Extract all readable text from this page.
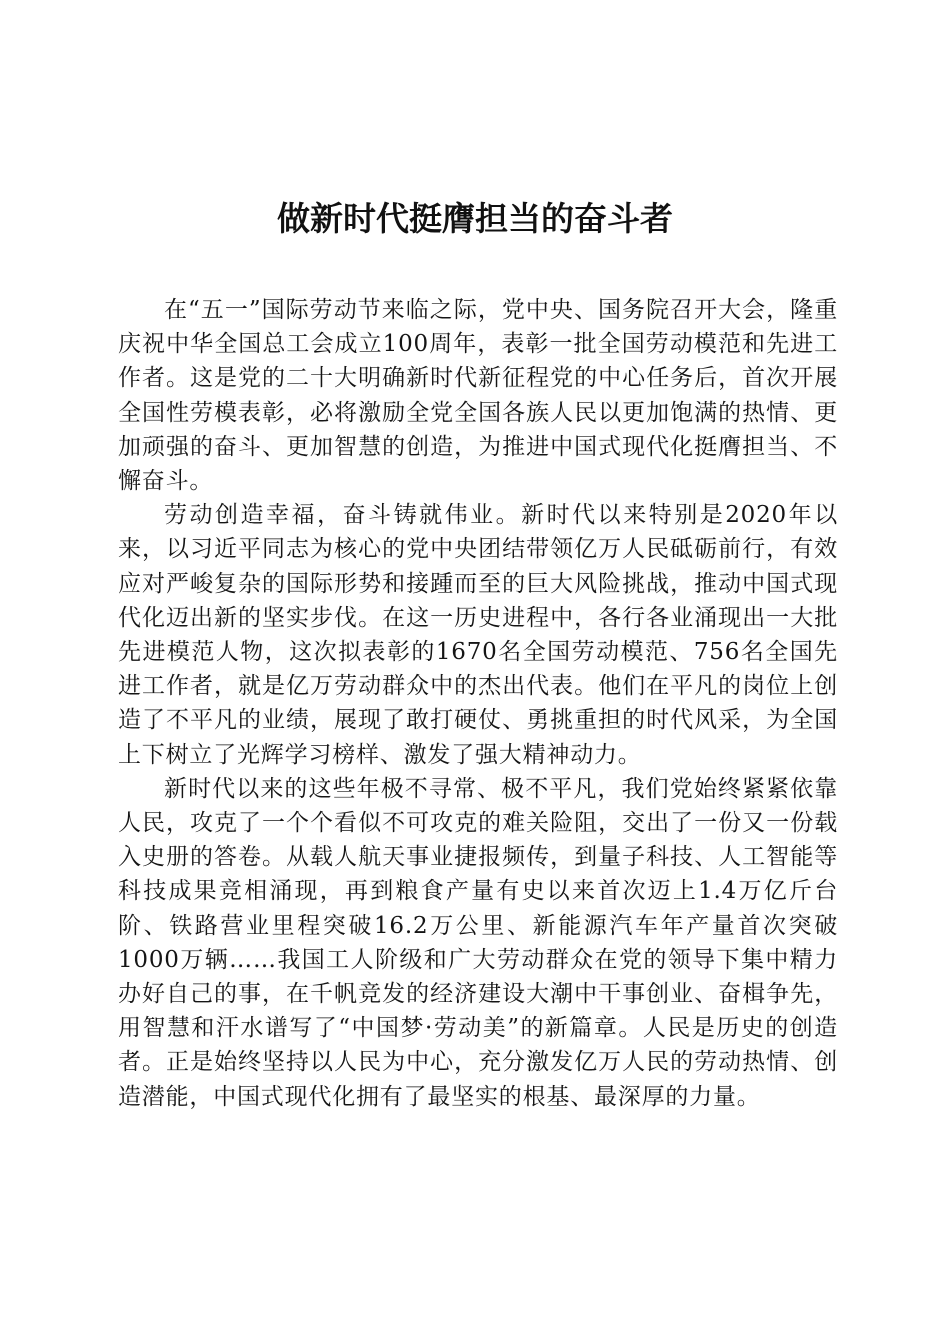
做新时代挺膺担当的奋斗者

在“五一”国际劳动节来临之际，党中央、国务院召开大会，隆重庆祝中华全国总工会成立100周年，表彰一批全国劳动模范和先进工作者。这是党的二十大明确新时代新征程党的中心任务后，首次开展全国性劳模表彰，必将激励全党全国各族人民以更加饱满的热情、更加顽强的奋斗、更加智慧的创造，为推进中国式现代化挺膺担当、不懈奋斗。

劳动创造幸福，奋斗铸就伟业。新时代以来特别是2020年以来，以习近平同志为核心的党中央团结带领亿万人民砥砺前行，有效应对严峻复杂的国际形势和接踵而至的巨大风险挑战，推动中国式现代化迈出新的坚实步伐。在这一历史进程中，各行各业涌现出一大批先进模范人物，这次拟表彰的1670名全国劳动模范、756名全国先进工作者，就是亿万劳动群众中的杰出代表。他们在平凡的岗位上创造了不平凡的业绩，展现了敢打硬仗、勇挑重担的时代风采，为全国上下树立了光辉学习榜样、激发了强大精神动力。

新时代以来的这些年极不寻常、极不平凡，我们党始终紧紧依靠人民，攻克了一个个看似不可攻克的难关险阻，交出了一份又一份载入史册的答卷。从载人航天事业捷报频传，到量子科技、人工智能等科技成果竞相涌现，再到粮食产量有史以来首次迈上1.4万亿斤台阶、铁路营业里程突破16.2万公里、新能源汽车年产量首次突破1000万辆……我国工人阶级和广大劳动群众在党的领导下集中精力办好自己的事，在千帆竞发的经济建设大潮中干事创业、奋楫争先，用智慧和汗水谱写了“中国梦·劳动美”的新篇章。人民是历史的创造者。正是始终坚持以人民为中心，充分激发亿万人民的劳动热情、创造潜能，中国式现代化拥有了最坚实的根基、最深厚的力量。
